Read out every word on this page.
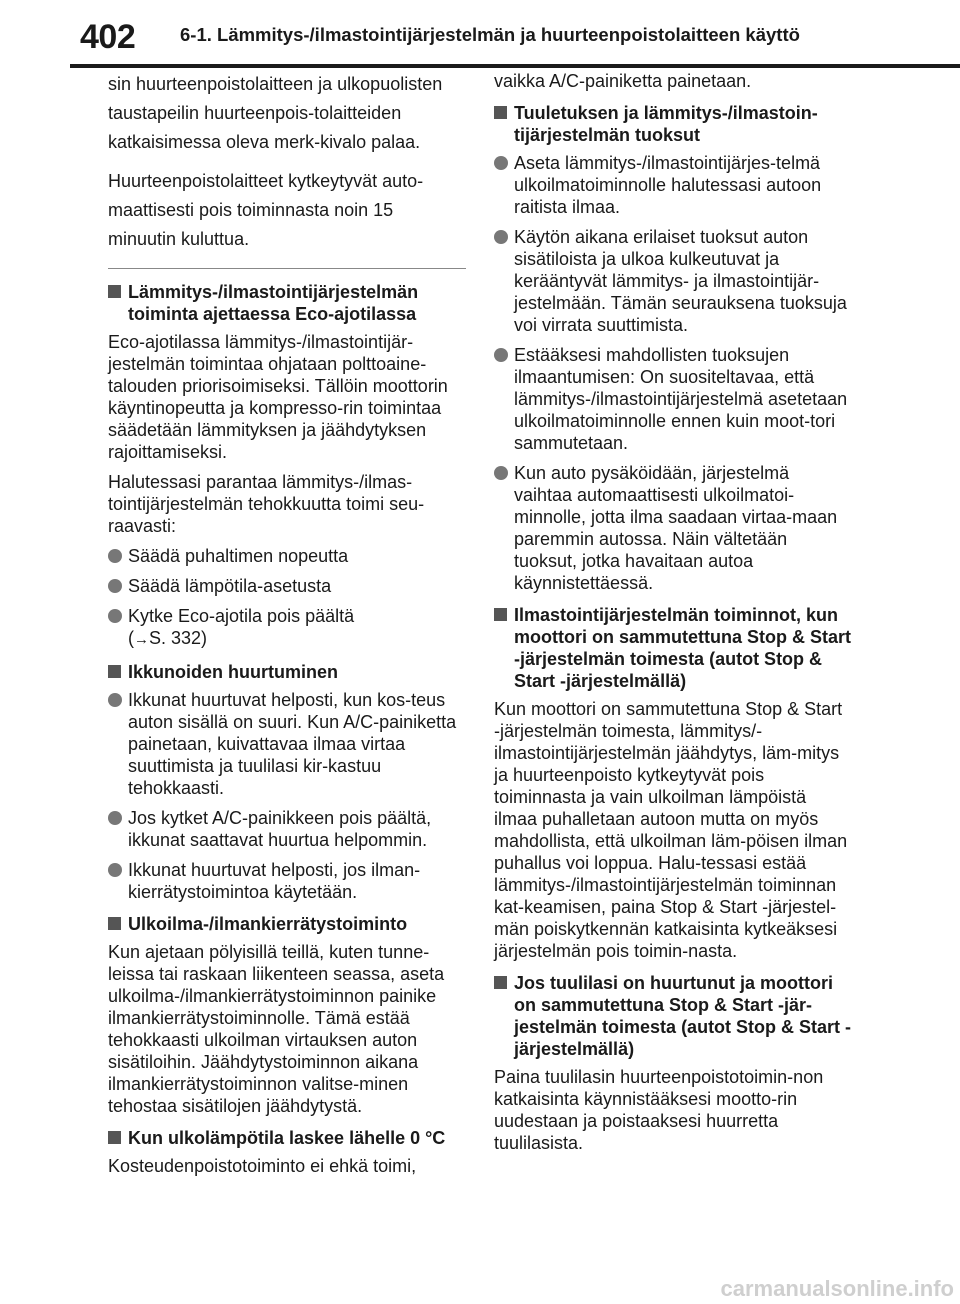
402 6-1. Lämmitys-/ilmastointijärjestelmän ja huurteenpoistolaitteen käyttö

sin huurteenpoistolaitteen ja ulkopuolisten taustapeilin huurteenpois-tolaitteiden katkaisimessa oleva merk-kivalo palaa.

Huurteenpoistolaitteet kytkeytyvät auto-maattisesti pois toiminnasta noin 15 minuutin kuluttua.

Lämmitys-/ilmastointijärjestelmän toiminta ajettaessa Eco-ajotilassa

Eco-ajotilassa lämmitys-/ilmastointijär-jestelmän toimintaa ohjataan polttoaine-talouden priorisoimiseksi. Tällöin moottorin käyntinopeutta ja kompresso-rin toimintaa säädetään lämmityksen ja jäähdytyksen rajoittamiseksi.

Halutessasi parantaa lämmitys-/ilmas-tointijärjestelmän tehokkuutta toimi seu-raavasti:

Säädä puhaltimen nopeutta
Säädä lämpötila-asetusta
Kytke Eco-ajotila pois päältä
(→S. 332)
Ikkunoiden huurtuminen
Ikkunat huurtuvat helposti, kun kos-teus auton sisällä on suuri. Kun A/C-painiketta painetaan, kuivattavaa ilmaa virtaa suuttimista ja tuulilasi kir-kastuu tehokkaasti.
Jos kytket A/C-painikkeen pois päältä, ikkunat saattavat huurtua helpommin.
Ikkunat huurtuvat helposti, jos ilman-kierrätystoimintoa käytetään.
Ulkoilma-/ilmankierrätystoiminto

Kun ajetaan pölyisillä teillä, kuten tunne-leissa tai raskaan liikenteen seassa, aseta ulkoilma-/ilmankierrätystoiminnon painike ilmankierrätystoiminnolle. Tämä estää tehokkaasti ulkoilman virtauksen auton sisätiloihin. Jäähdytystoiminnon aikana ilmankierrätystoiminnon valitse-minen tehostaa sisätilojen jäähdytystä.

Kun ulkolämpötila laskee lähelle 0 °C

Kosteudenpoistotoiminto ei ehkä toimi,

vaikka A/C-painiketta painetaan.

Tuuletuksen ja lämmitys-/ilmastoin-tijärjestelmän tuoksut
Aseta lämmitys-/ilmastointijärjes-telmä ulkoilmatoiminnolle halutessasi autoon raitista ilmaa.
Käytön aikana erilaiset tuoksut auton sisätiloista ja ulkoa kulkeutuvat ja kerääntyvät lämmitys- ja ilmastointijär-jestelmään. Tämän seurauksena tuoksuja voi virrata suuttimista.
Estääksesi mahdollisten tuoksujen ilmaantumisen: On suositeltavaa, että lämmitys-/ilmastointijärjestelmä asetetaan ulkoilmatoiminnolle ennen kuin moot-tori sammutetaan.
Kun auto pysäköidään, järjestelmä vaihtaa automaattisesti ulkoilmatoi-minnolle, jotta ilma saadaan virtaa-maan paremmin autossa. Näin vältetään tuoksut, jotka havaitaan autoa käynnistettäessä.
Ilmastointijärjestelmän toiminnot, kun moottori on sammutettuna Stop & Start -järjestelmän toimesta (autot Stop & Start -järjestelmällä)

Kun moottori on sammutettuna Stop & Start -järjestelmän toimesta, lämmitys/-ilmastointijärjestelmän jäähdytys, läm-mitys ja huurteenpoisto kytkeytyvät pois toiminnasta ja vain ulkoilman lämpöistä ilmaa puhalletaan autoon mutta on myös mahdollista, että ulkoilman läm-pöisen ilman puhallus voi loppua. Halu-tessasi estää lämmitys-/ilmastointijärjestelmän toiminnan kat-keamisen, paina Stop & Start -järjestel-män poiskytkennän katkaisinta kytkeäksesi järjestelmän pois toimin-nasta.

Jos tuulilasi on huurtunut ja moottori on sammutettuna Stop & Start -jär-jestelmän toimesta (autot Stop & Start -järjestelmällä)

Paina tuulilasin huurteenpoistotoimin-non katkaisinta käynnistääksesi mootto-rin uudestaan ja poistaaksesi huurretta tuulilasista.

carmanualsonline.info
